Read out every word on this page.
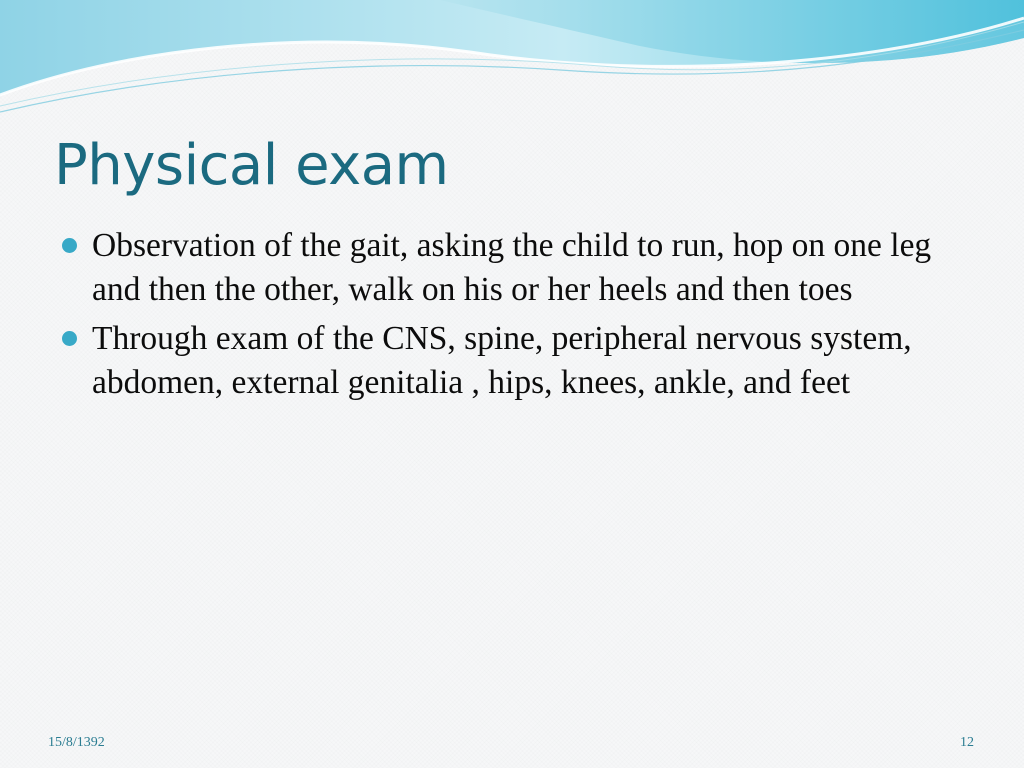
Physical exam
Observation of the gait, asking the child to run, hop on one leg and then the other, walk on his or her heels and then toes
Through exam of the CNS, spine, peripheral nervous system, abdomen, external genitalia , hips, knees, ankle, and feet
15/8/1392	12
